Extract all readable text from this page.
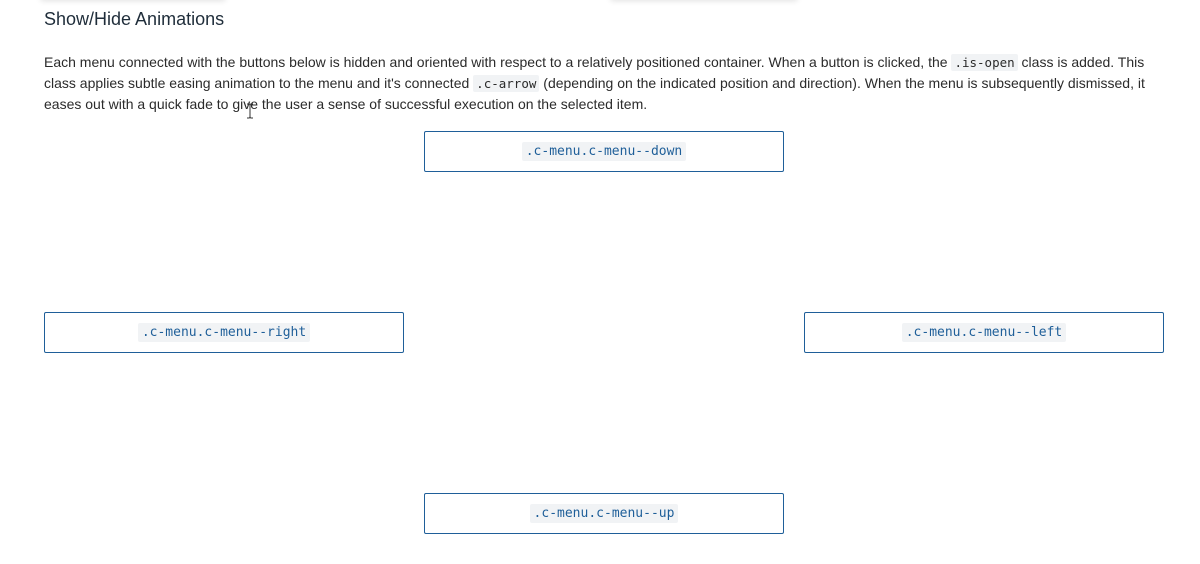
Show/Hide Animations

Each menu connected with the buttons below is hidden and oriented with respect to a relatively positioned container. When a button is clicked, the .is-open class is added. This class applies subtle easing animation to the menu and it's connected .c-arrow (depending on the indicated position and direction). When the menu is subsequently dismissed, it eases out with a quick fade to give the user a sense of successful execution on the selected item.

.c-menu.c-menu--down
.c-menu.c-menu--right	.c-menu.c-menu--left
.c-menu.c-menu--up
